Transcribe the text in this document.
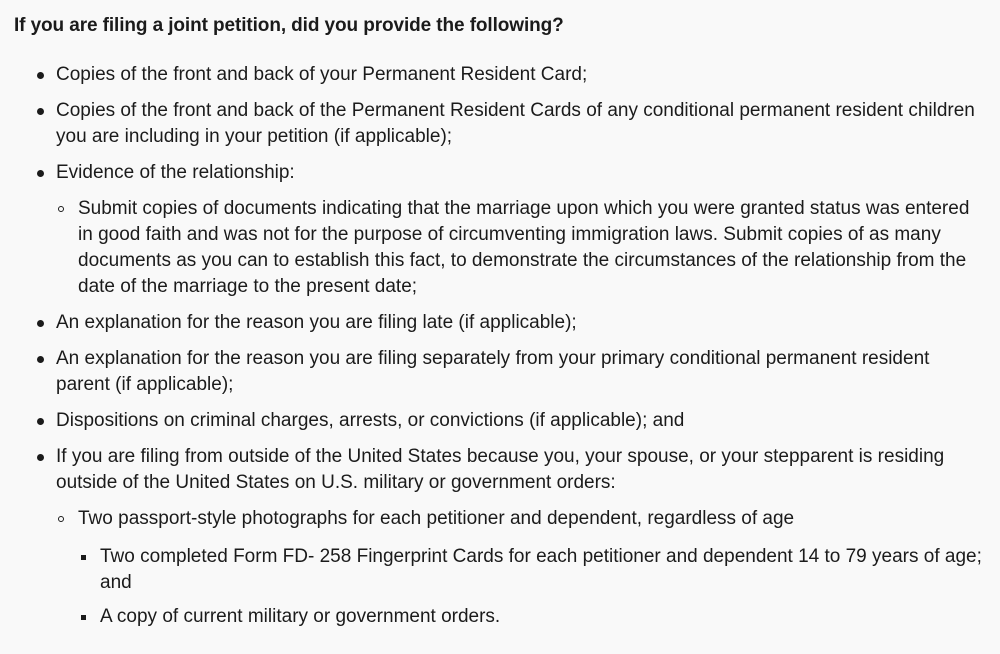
If you are filing a joint petition, did you provide the following?
Copies of the front and back of your Permanent Resident Card;
Copies of the front and back of the Permanent Resident Cards of any conditional permanent resident children you are including in your petition (if applicable);
Evidence of the relationship:
Submit copies of documents indicating that the marriage upon which you were granted status was entered in good faith and was not for the purpose of circumventing immigration laws. Submit copies of as many documents as you can to establish this fact, to demonstrate the circumstances of the relationship from the date of the marriage to the present date;
An explanation for the reason you are filing late (if applicable);
An explanation for the reason you are filing separately from your primary conditional permanent resident parent (if applicable);
Dispositions on criminal charges, arrests, or convictions (if applicable); and
If you are filing from outside of the United States because you, your spouse, or your stepparent is residing outside of the United States on U.S. military or government orders:
Two passport-style photographs for each petitioner and dependent, regardless of age
Two completed Form FD- 258 Fingerprint Cards for each petitioner and dependent 14 to 79 years of age; and
A copy of current military or government orders.
